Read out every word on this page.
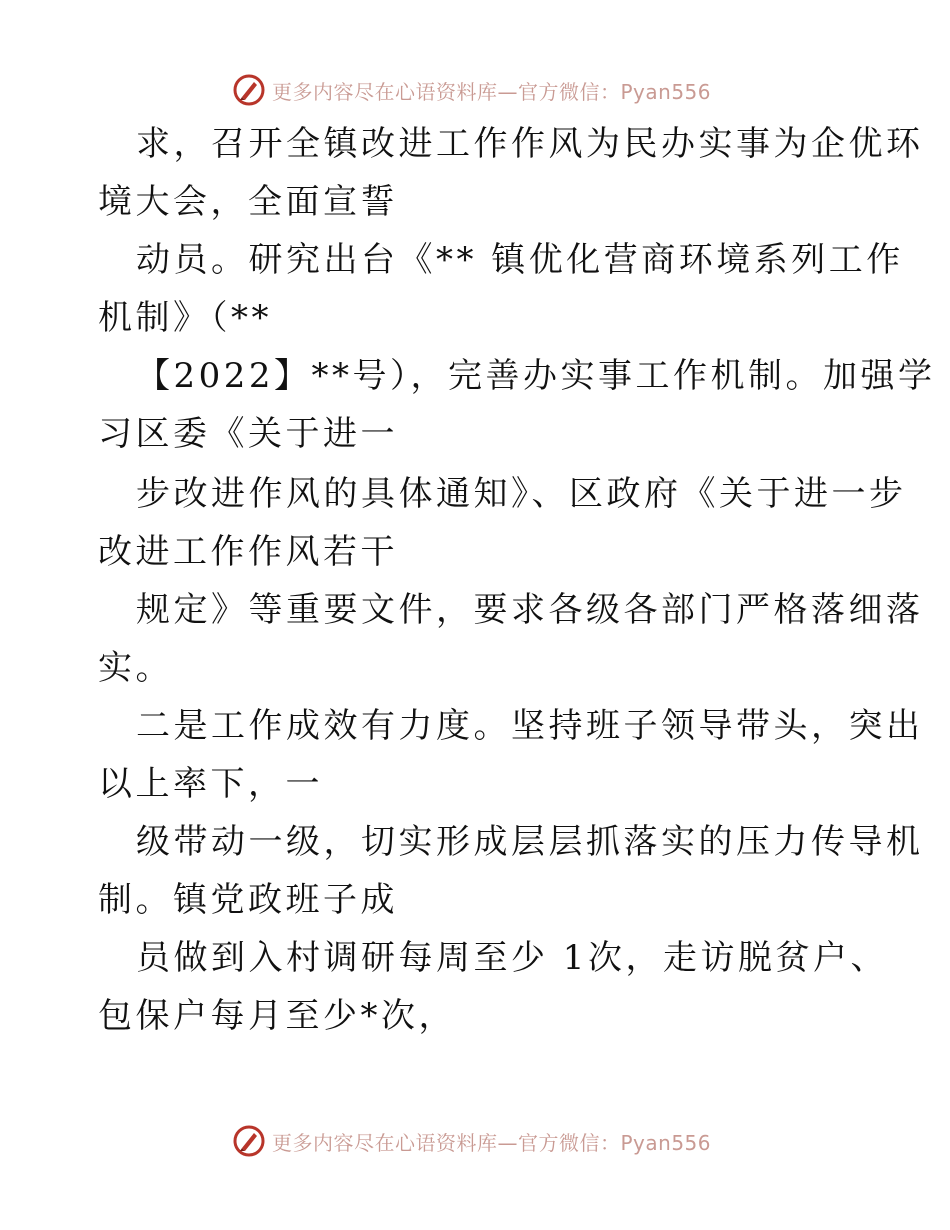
更多内容尽在心语资料库—官方微信：Pyan556
求，召开全镇改进工作作风为民办实事为企优环
境大会，全面宣誓
动员。研究出台《** 镇优化营商环境系列工作
机制》（**
【2022】**号），完善办实事工作机制。加强学
习区委《关于进一
步改进作风的具体通知》、区政府《关于进一步
改进工作作风若干
规定》等重要文件，要求各级各部门严格落细落
实。
二是工作成效有力度。坚持班子领导带头，突出
以上率下，一
级带动一级，切实形成层层抓落实的压力传导机
制。镇党政班子成
员做到入村调研每周至少 1次，走访脱贫户、
包保户每月至少*次，
更多内容尽在心语资料库—官方微信：Pyan556
